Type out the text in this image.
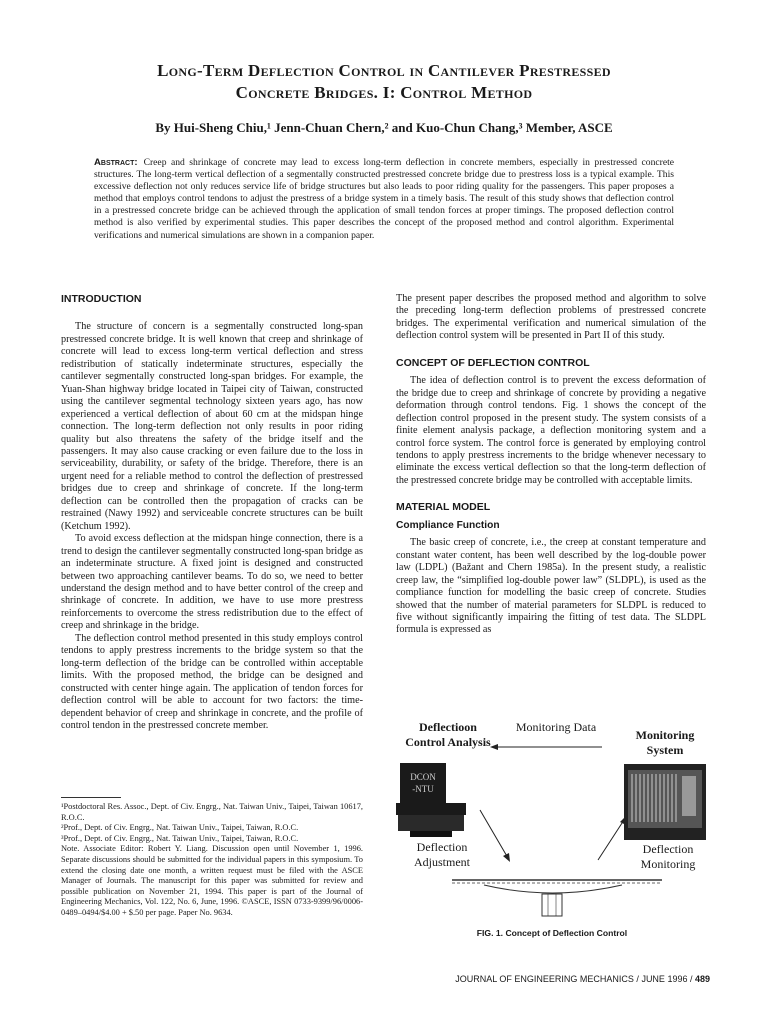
Long-Term Deflection Control in Cantilever Prestressed
Concrete Bridges. I: Control Method
By Hui-Sheng Chiu,¹ Jenn-Chuan Chern,² and Kuo-Chun Chang,³ Member, ASCE
Abstract: Creep and shrinkage of concrete may lead to excess long-term deflection in concrete members, especially in prestressed concrete structures. The long-term vertical deflection of a segmentally constructed prestressed concrete bridge due to prestress loss is a typical example. This excessive deflection not only reduces service life of bridge structures but also leads to poor riding quality for the passengers. This paper proposes a method that employs control tendons to adjust the prestress of a bridge system in a timely basis. The result of this study shows that deflection control in a prestressed concrete bridge can be achieved through the application of small tendon forces at proper timings. The proposed deflection control method is also verified by experimental studies. This paper describes the concept of the proposed method and control algorithm. Experimental verifications and numerical simulations are shown in a companion paper.
INTRODUCTION

The structure of concern is a segmentally constructed long-span prestressed concrete bridge. It is well known that creep and shrinkage of concrete will lead to excess long-term vertical deflection and stress redistribution of statically indeterminate structures, especially the cantilever segmentally constructed long-span bridges. For example, the Yuan-Shan highway bridge located in Taipei city of Taiwan, constructed using the cantilever segmental technology sixteen years ago, has now experienced a vertical deflection of about 60 cm at the midspan hinge connection. The long-term deflection not only results in poor riding quality but also threatens the safety of the bridge itself and the passengers. It may also cause cracking or even failure due to the loss in serviceability, durability, or safety of the bridge. Therefore, there is an urgent need for a reliable method to control the deflection of prestressed bridges due to creep and shrinkage of concrete. If the long-term deflection can be controlled then the propagation of cracks can be restrained (Nawy 1992) and serviceable concrete structures can be built (Ketchum 1992).

To avoid excess deflection at the midspan hinge connection, there is a trend to design the cantilever segmentally constructed long-span bridge as an indeterminate structure. A fixed joint is designed and constructed between two approaching cantilever beams. To do so, we need to better understand the design method and to have better control of the creep and shrinkage of concrete. In addition, we have to use more prestress reinforcements to overcome the stress redistribution due to the effect of creep and shrinkage in the bridge.

The deflection control method presented in this study employs control tendons to apply prestress increments to the bridge system so that the long-term deflection of the bridge can be controlled within acceptable limits. With the proposed method, the bridge can be designed and constructed with center hinge again. The application of tendon forces for deflection control will be able to account for two factors: the time-dependent behavior of creep and shrinkage in concrete, and the profile of control tendon in the prestressed concrete member.

¹Postdoctoral Res. Assoc., Dept. of Civ. Engrg., Nat. Taiwan Univ., Taipei, Taiwan 10617, R.O.C.

²Prof., Dept. of Civ. Engrg., Nat. Taiwan Univ., Taipei, Taiwan, R.O.C.

³Prof., Dept. of Civ. Engrg., Nat. Taiwan Univ., Taipei, Taiwan, R.O.C.

Note. Associate Editor: Robert Y. Liang. Discussion open until November 1, 1996. Separate discussions should be submitted for the individual papers in this symposium. To extend the closing date one month, a written request must be filed with the ASCE Manager of Journals. The manuscript for this paper was submitted for review and possible publication on November 21, 1994. This paper is part of the Journal of Engineering Mechanics, Vol. 122, No. 6, June, 1996. ©ASCE, ISSN 0733-9399/96/0006-0489–0494/$4.00 + $.50 per page. Paper No. 9634.

The present paper describes the proposed method and algorithm to solve the preceding long-term deflection problems of prestressed concrete bridges. The experimental verification and numerical simulation of the deflection control system will be presented in Part II of this study.

CONCEPT OF DEFLECTION CONTROL

The idea of deflection control is to prevent the excess deformation of the bridge due to creep and shrinkage of concrete by providing a negative deformation through control tendons. Fig. 1 shows the concept of the deflection control proposed in the present study. The system consists of a finite element analysis package, a deflection monitoring system and a control force system. The control force is generated by employing control tendons to apply prestress increments to the bridge whenever necessary to eliminate the excess vertical deflection so that the long-term deflection of the prestressed concrete bridge may be controlled with acceptable limits.

MATERIAL MODEL
Compliance Function

The basic creep of concrete, i.e., the creep at constant temperature and constant water content, has been well described by the log-double power law (LDPL) (Bažant and Chern 1985a). In the present study, a realistic creep law, the “simplified log-double power law” (SLDPL), is used as the compliance function for modelling the basic creep of concrete. Studies showed that the number of material parameters for SLDPL is reduced to five without significantly impairing the fitting of test data. The SLDPL formula is expressed as

Deflectioon
Control Analysis
Monitoring Data
Monitoring
System
DCON
-NTU
Deflection
Adjustment
Deflection
Monitoring
FIG. 1. Concept of Deflection Control
JOURNAL OF ENGINEERING MECHANICS / JUNE 1996 / 489
